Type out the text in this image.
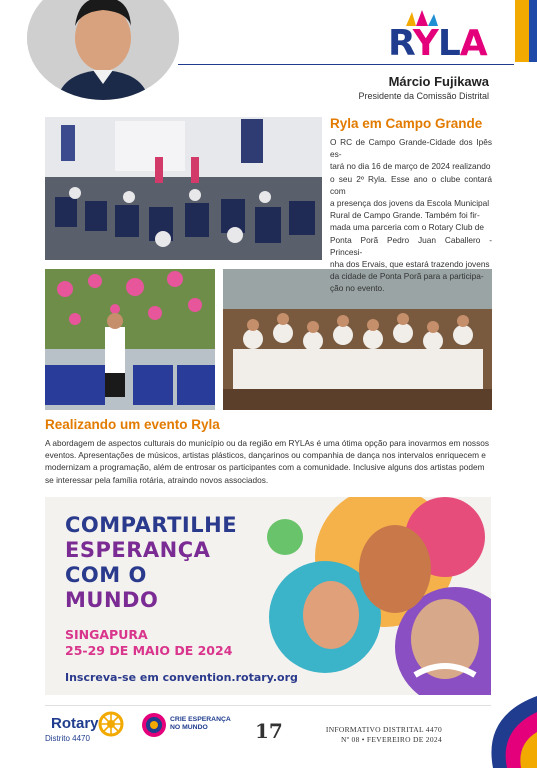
RYLA
Márcio Fujikawa
Presidente da Comissão Distrital
Ryla em Campo Grande
O RC de Campo Grande-Cidade dos Ipês es-
tará no dia 16 de março de 2024 realizando
o seu 2º Ryla. Esse ano o clube contará com
a presença dos jovens da Escola Municipal
Rural de Campo Grande. Também foi fir-
mada uma parceria com o Rotary Club de
Ponta Porã Pedro Juan Caballero - Princesi-
nha dos Ervais, que estará trazendo jovens
da cidade de Ponta Porã para a participa-
ção no evento.
Realizando um evento Ryla
A abordagem de aspectos culturais do município ou da região em RYLAs é uma ótima opção para inovarmos em nossos
eventos. Apresentações de músicos, artistas plásticos, dançarinos ou companhia de dança nos intervalos enriquecem e
modernizam a programação, além de entrosar os participantes com a comunidade. Inclusive alguns dos artistas podem
se interessar pela família rotária, atraindo novos associados.
COMPARTILHE
ESPERANÇA
COM O
MUNDO
SINGAPURA
25-29 DE MAIO DE 2024
Inscreva-se em convention.rotary.org
Rotary
Distrito 4470
CRIE ESPERANÇA
NO MUNDO	17	INFORMATIVO DISTRITAL 4470
Nº 08 • FEVEREIRO DE 2024
